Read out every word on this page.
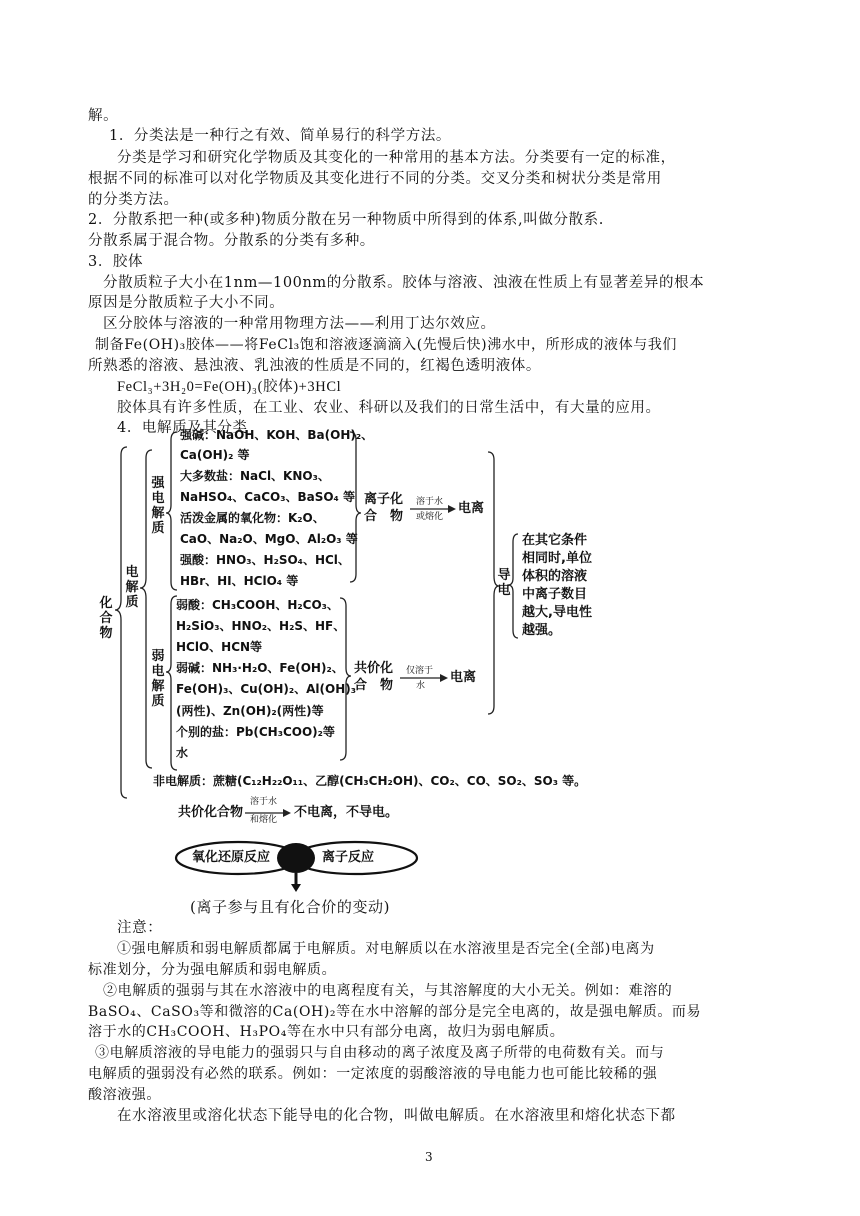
解。
1．分类法是一种行之有效、简单易行的科学方法。
分类是学习和研究化学物质及其变化的一种常用的基本方法。分类要有一定的标准，
根据不同的标准可以对化学物质及其变化进行不同的分类。交叉分类和树状分类是常用
的分类方法。
2．分散系把一种(或多种)物质分散在另一种物质中所得到的体系,叫做分散系.
分散系属于混合物。分散系的分类有多种。
3．胶体
分散质粒子大小在1nm—100nm的分散系。胶体与溶液、浊液在性质上有显著差异的根本
原因是分散质粒子大小不同。
区分胶体与溶液的一种常用物理方法——利用丁达尔效应。
制备Fe(OH)₃胶体——将FeCl₃饱和溶液逐滴滴入(先慢后快)沸水中，所形成的液体与我们
所熟悉的溶液、悬浊液、乳浊液的性质是不同的，红褐色透明液体。
FeCl₃+3H₂0=Fe(OH)₃(胶体)+3HCl
胶体具有许多性质，在工业、农业、科研以及我们的日常生活中，有大量的应用。
4．电解质及其分类
化合物
电解质
强电解质
弱电解质
导电
强碱：NaOH、KOH、Ba(OH)₂、
Ca(OH)₂ 等
大多数盐：NaCl、KNO₃、
NaHSO₄、CaCO₃、BaSO₄ 等
活泼金属的氧化物：K₂O、
CaO、Na₂O、MgO、Al₂O₃ 等
强酸：HNO₃、H₂SO₄、HCl、
HBr、HI、HClO₄ 等
弱酸：CH₃COOH、H₂CO₃、
H₂SiO₃、HNO₂、H₂S、HF、
HClO、HCN等
弱碱：NH₃·H₂O、Fe(OH)₂、
Fe(OH)₃、Cu(OH)₂、Al(OH)₃
(两性)、Zn(OH)₂(两性)等
个别的盐：Pb(CH₃COO)₂等
水
离子化
合　物
溶于水
或熔化
电离
共价化
合　物
仅溶于
水
电离
在其它条件
相同时,单位
体积的溶液
中离子数目
越大,导电性
越强。
非电解质：蔗糖(C₁₂H₂₂O₁₁、乙醇(CH₃CH₂OH)、CO₂、CO、SO₂、SO₃ 等。
共价化合物
溶于水
和熔化 不电离，不导电。
氧化还原反应	离子反应
(离子参与且有化合价的变动)
注意：
①强电解质和弱电解质都属于电解质。对电解质以在水溶液里是否完全(全部)电离为
标准划分，分为强电解质和弱电解质。
②电解质的强弱与其在水溶液中的电离程度有关，与其溶解度的大小无关。例如：难溶的
BaSO₄、CaSO₃等和微溶的Ca(OH)₂等在水中溶解的部分是完全电离的，故是强电解质。而易
溶于水的CH₃COOH、H₃PO₄等在水中只有部分电离，故归为弱电解质。
③电解质溶液的导电能力的强弱只与自由移动的离子浓度及离子所带的电荷数有关。而与
电解质的强弱没有必然的联系。例如：一定浓度的弱酸溶液的导电能力也可能比较稀的强
酸溶液强。
在水溶液里或溶化状态下能导电的化合物，叫做电解质。在水溶液里和熔化状态下都
3
